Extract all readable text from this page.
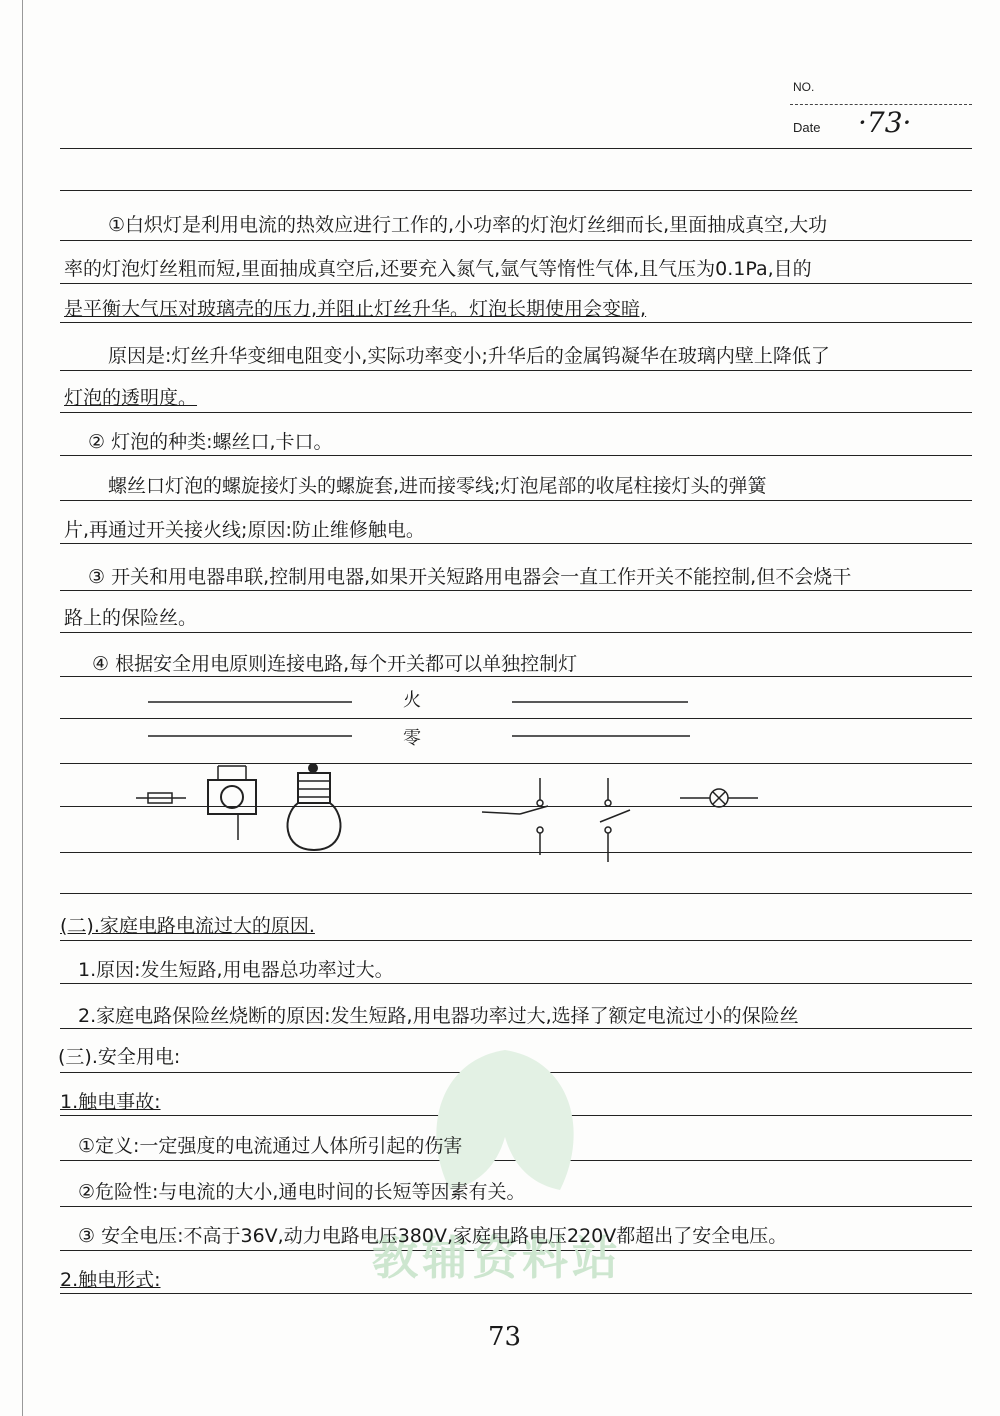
NO.
Date ·73·
教辅资料站
①白炽灯是利用电流的热效应进行工作的,小功率的灯泡灯丝细而长,里面抽成真空,大功
率的灯泡灯丝粗而短,里面抽成真空后,还要充入氮气,氩气等惰性气体,且气压为0.1Pa,目的
是平衡大气压对玻璃壳的压力,并阻止灯丝升华。灯泡长期使用会变暗,
原因是:灯丝升华变细电阻变小,实际功率变小;升华后的金属钨凝华在玻璃内壁上降低了
灯泡的透明度。
② 灯泡的种类:螺丝口,卡口。
螺丝口灯泡的螺旋接灯头的螺旋套,进而接零线;灯泡尾部的收尾柱接灯头的弹簧
片,再通过开关接火线;原因:防止维修触电。
③ 开关和用电器串联,控制用电器,如果开关短路用电器会一直工作开关不能控制,但不会烧干
路上的保险丝。
④ 根据安全用电原则连接电路,每个开关都可以单独控制灯
火
零
(二).家庭电路电流过大的原因.
1.原因:发生短路,用电器总功率过大。
2.家庭电路保险丝烧断的原因:发生短路,用电器功率过大,选择了额定电流过小的保险丝
(三).安全用电:
1.触电事故:
①定义:一定强度的电流通过人体所引起的伤害
②危险性:与电流的大小,通电时间的长短等因素有关。
③ 安全电压:不高于36V,动力电路电压380V,家庭电路电压220V都超出了安全电压。
2.触电形式:
73
